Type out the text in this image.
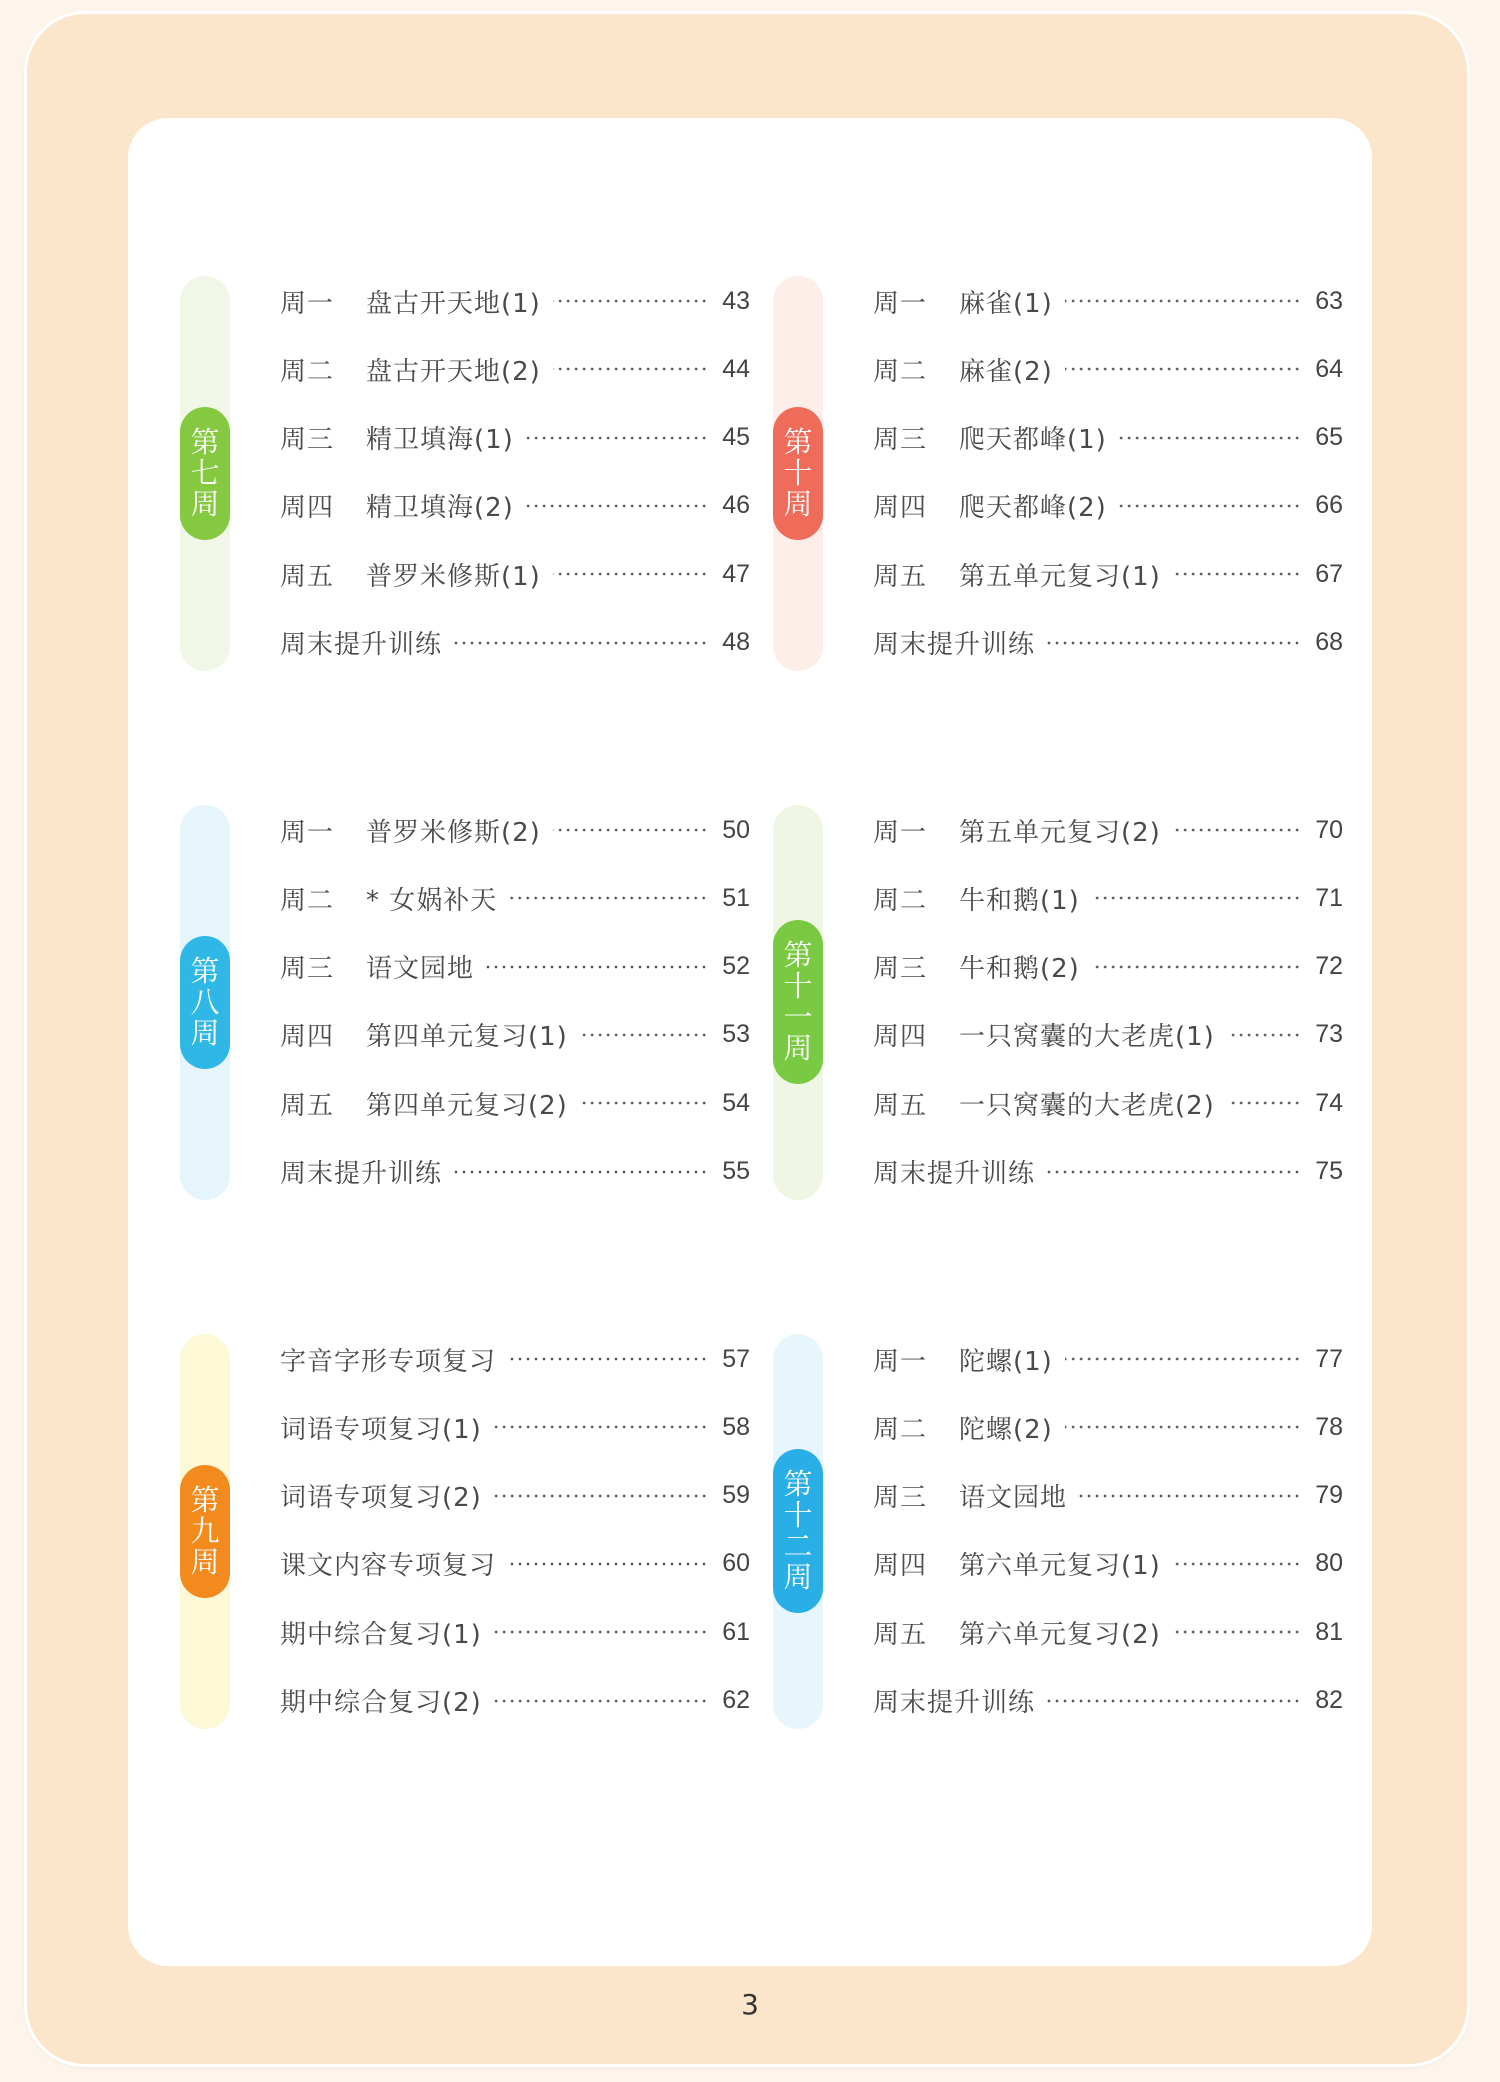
第
七
周
周一	盘古开天地(1)	43
周二	盘古开天地(2)	44
周三	精卫填海(1)	45
周四	精卫填海(2)	46
周五	普罗米修斯(1)	47
周末提升训练	48
第
十
周
周一	麻雀(1)	63
周二	麻雀(2)	64
周三	爬天都峰(1)	65
周四	爬天都峰(2)	66
周五	第五单元复习(1)	67
周末提升训练	68
第
八
周
周一	普罗米修斯(2)	50
周二	* 女娲补天	51
周三	语文园地	52
周四	第四单元复习(1)	53
周五	第四单元复习(2)	54
周末提升训练	55
第
十
一
周
周一	第五单元复习(2)	70
周二	牛和鹅(1)	71
周三	牛和鹅(2)	72
周四	一只窝囊的大老虎(1)	73
周五	一只窝囊的大老虎(2)	74
周末提升训练	75
第
九
周
字音字形专项复习	57
词语专项复习(1)	58
词语专项复习(2)	59
课文内容专项复习	60
期中综合复习(1)	61
期中综合复习(2)	62
第
十
二
周
周一	陀螺(1)	77
周二	陀螺(2)	78
周三	语文园地	79
周四	第六单元复习(1)	80
周五	第六单元复习(2)	81
周末提升训练	82
3
